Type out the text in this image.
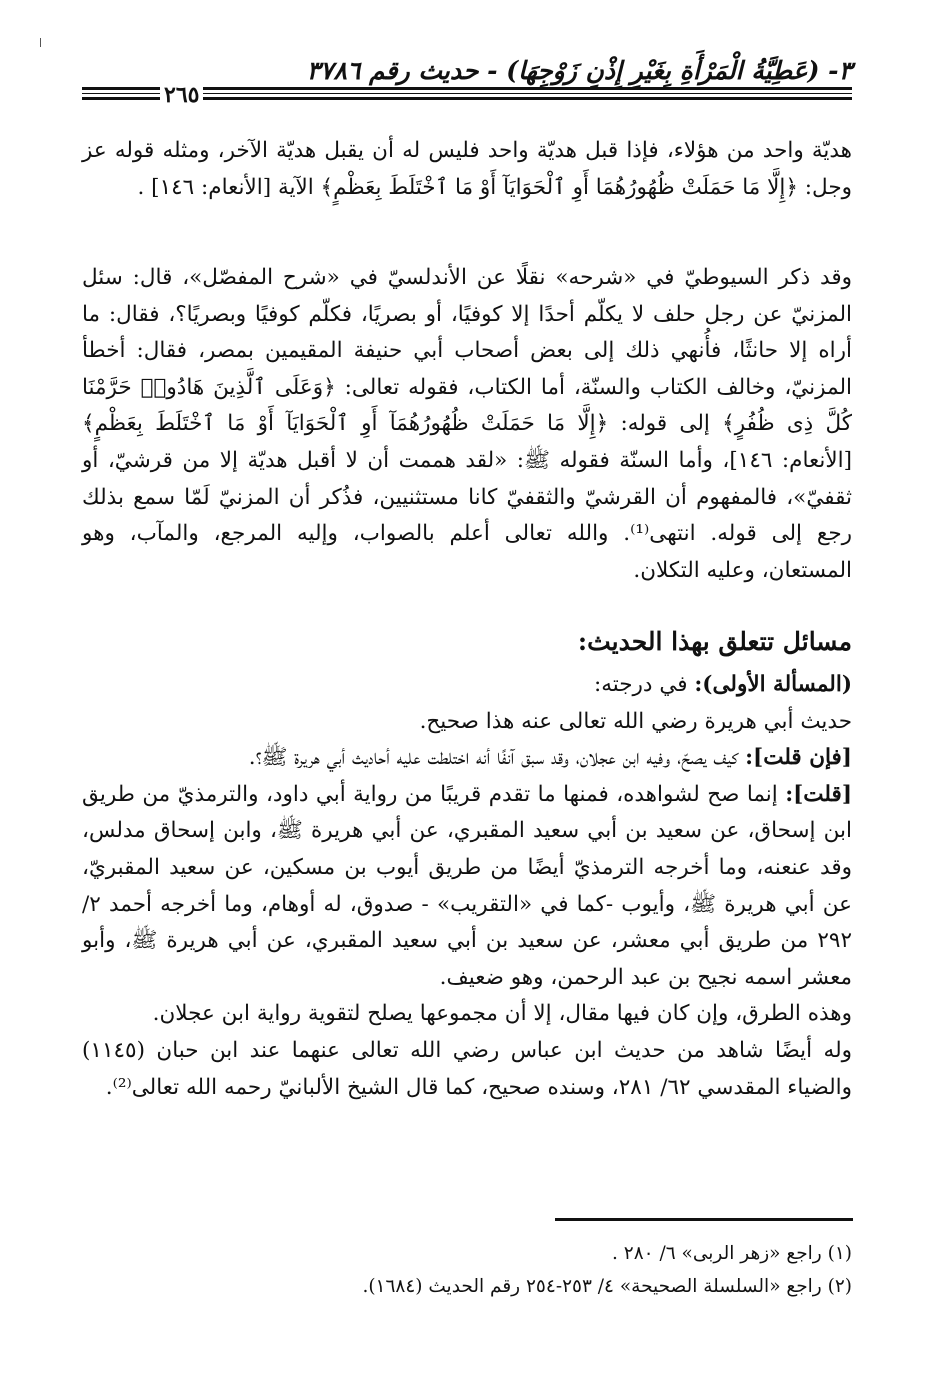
٣- (عَطِيَّةُ الْمَرْأَةِ بِغَيْرِ إِذْنِ زَوْجِهَا) - حديث رقم ٣٧٨٦
٢٦٥

هديّة واحد من هؤلاء، فإذا قبل هديّة واحد فليس له أن يقبل هديّة الآخر، ومثله قوله عز وجل: ﴿إِلَّا مَا حَمَلَتْ ظُهُورُهُمَا أَوِ ٱلْحَوَايَآ أَوْ مَا ٱخْتَلَطَ بِعَظْمٍ﴾ الآية [الأنعام: ١٤٦] .

وقد ذكر السيوطيّ في «شرحه» نقلًا عن الأندلسيّ في «شرح المفصّل»، قال: سئل المزنيّ عن رجل حلف لا يكلّم أحدًا إلا كوفيًا، أو بصريًا، فكلّم كوفيًا وبصريًا؟، فقال: ما أراه إلا حانثًا، فأُنهي ذلك إلى بعض أصحاب أبي حنيفة المقيمين بمصر، فقال: أخطأ المزنيّ، وخالف الكتاب والسنّة، أما الكتاب، فقوله تعالى: ﴿وَعَلَى ٱلَّذِينَ هَادُوا۟ حَرَّمْنَا كُلَّ ذِى ظُفُرٍ﴾ إلى قوله: ﴿إِلَّا مَا حَمَلَتْ ظُهُورُهُمَآ أَوِ ٱلْحَوَايَآ أَوْ مَا ٱخْتَلَطَ بِعَظْمٍ﴾ [الأنعام: ١٤٦]، وأما السنّة فقوله ﷺ: «لقد هممت أن لا أقبل هديّة إلا من قرشيّ، أو ثقفيّ»، فالمفهوم أن القرشيّ والثقفيّ كانا مستثنيين، فذُكر أن المزنيّ لَمّا سمع بذلك رجع إلى قوله. انتهى⁽¹⁾. والله تعالى أعلم بالصواب، وإليه المرجع، والمآب، وهو المستعان، وعليه التكلان.

مسائل تتعلق بهذا الحديث:

(المسألة الأولى): في درجته:

حديث أبي هريرة رضي الله تعالى عنه هذا صحيح.

[فإن قلت]: كيف يصحّ، وفيه ابن عجلان، وقد سبق آنفًا أنه اختلطت عليه أحاديث أبي هريرة ﷺ؟.

[قلت]: إنما صح لشواهده، فمنها ما تقدم قريبًا من رواية أبي داود، والترمذيّ من طريق ابن إسحاق، عن سعيد بن أبي سعيد المقبري، عن أبي هريرة ﷺ، وابن إسحاق مدلس، وقد عنعنه، وما أخرجه الترمذيّ أيضًا من طريق أيوب بن مسكين، عن سعيد المقبريّ، عن أبي هريرة ﷺ، وأيوب -كما في «التقريب» - صدوق، له أوهام، وما أخرجه أحمد ٢/ ٢٩٢ من طريق أبي معشر، عن سعيد بن أبي سعيد المقبري، عن أبي هريرة ﷺ، وأبو معشر اسمه نجيح بن عبد الرحمن، وهو ضعيف.

وهذه الطرق، وإن كان فيها مقال، إلا أن مجموعها يصلح لتقوية رواية ابن عجلان.

وله أيضًا شاهد من حديث ابن عباس رضي الله تعالى عنهما عند ابن حبان (١١٤٥) والضياء المقدسي ٦٢/ ٢٨١، وسنده صحيح، كما قال الشيخ الألبانيّ رحمه الله تعالى⁽²⁾.

(١) راجع «زهر الربى» ٦/ ٢٨٠ .

(٢) راجع «السلسلة الصحيحة» ٤/ ٢٥٣-٢٥٤ رقم الحديث (١٦٨٤).
